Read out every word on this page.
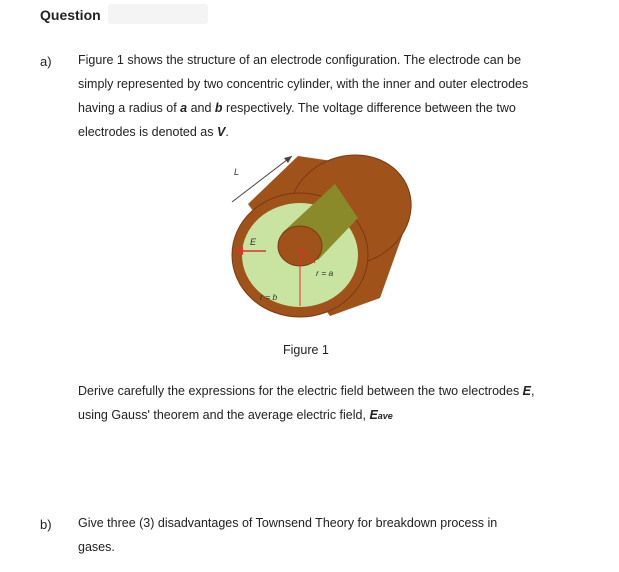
Question
a) Figure 1 shows the structure of an electrode configuration. The electrode can be
simply represented by two concentric cylinder, with the inner and outer electrodes
having a radius of a and b respectively. The voltage difference between the two
electrodes is denoted as V.
L
E
r = a
r = b
Figure 1
Derive carefully the expressions for the electric field between the two electrodes E,
using Gauss' theorem and the average electric field, Eave
b) Give three (3) disadvantages of Townsend Theory for breakdown process in
gases.
